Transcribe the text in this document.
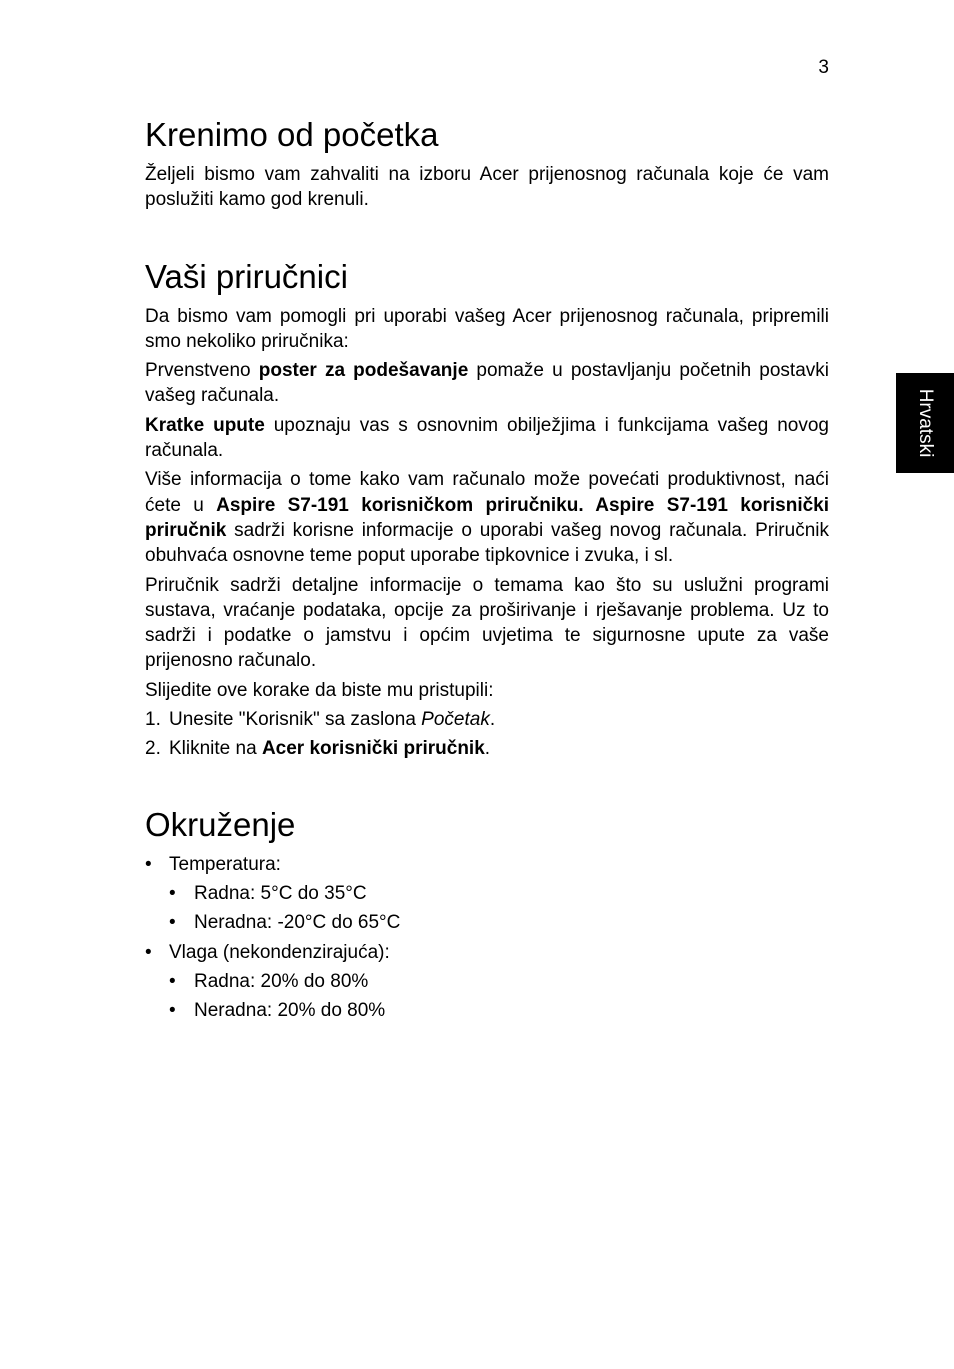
3
Hrvatski
Krenimo od početka

Željeli bismo vam zahvaliti na izboru Acer prijenosnog računala koje će vam poslužiti kamo god krenuli.

Vaši priručnici

Da bismo vam pomogli pri uporabi vašeg Acer prijenosnog računala, pripremili smo nekoliko priručnika:

Prvenstveno poster za podešavanje pomaže u postavljanju početnih postavki vašeg računala.

Kratke upute upoznaju vas s osnovnim obilježjima i funkcijama vašeg novog računala.

Više informacija o tome kako vam računalo može povećati produktivnost, naći ćete u Aspire S7-191 korisničkom priručniku. Aspire S7-191 korisnički priručnik sadrži korisne informacije o uporabi vašeg novog računala. Priručnik obuhvaća osnovne teme poput uporabe tipkovnice i zvuka, i sl.

Priručnik sadrži detaljne informacije o temama kao što su uslužni programi sustava, vraćanje podataka, opcije za proširivanje i rješavanje problema. Uz to sadrži i podatke o jamstvu i općim uvjetima te sigurnosne upute za vaše prijenosno računalo.

Slijedite ove korake da biste mu pristupili:

1. Unesite "Korisnik" sa zaslona Početak.
2. Kliknite na Acer korisnički priručnik.
Okruženje
• Temperatura:
• Radna: 5°C do 35°C
• Neradna: -20°C do 65°C
• Vlaga (nekondenzirajuća):
• Radna: 20% do 80%
• Neradna: 20% do 80%
